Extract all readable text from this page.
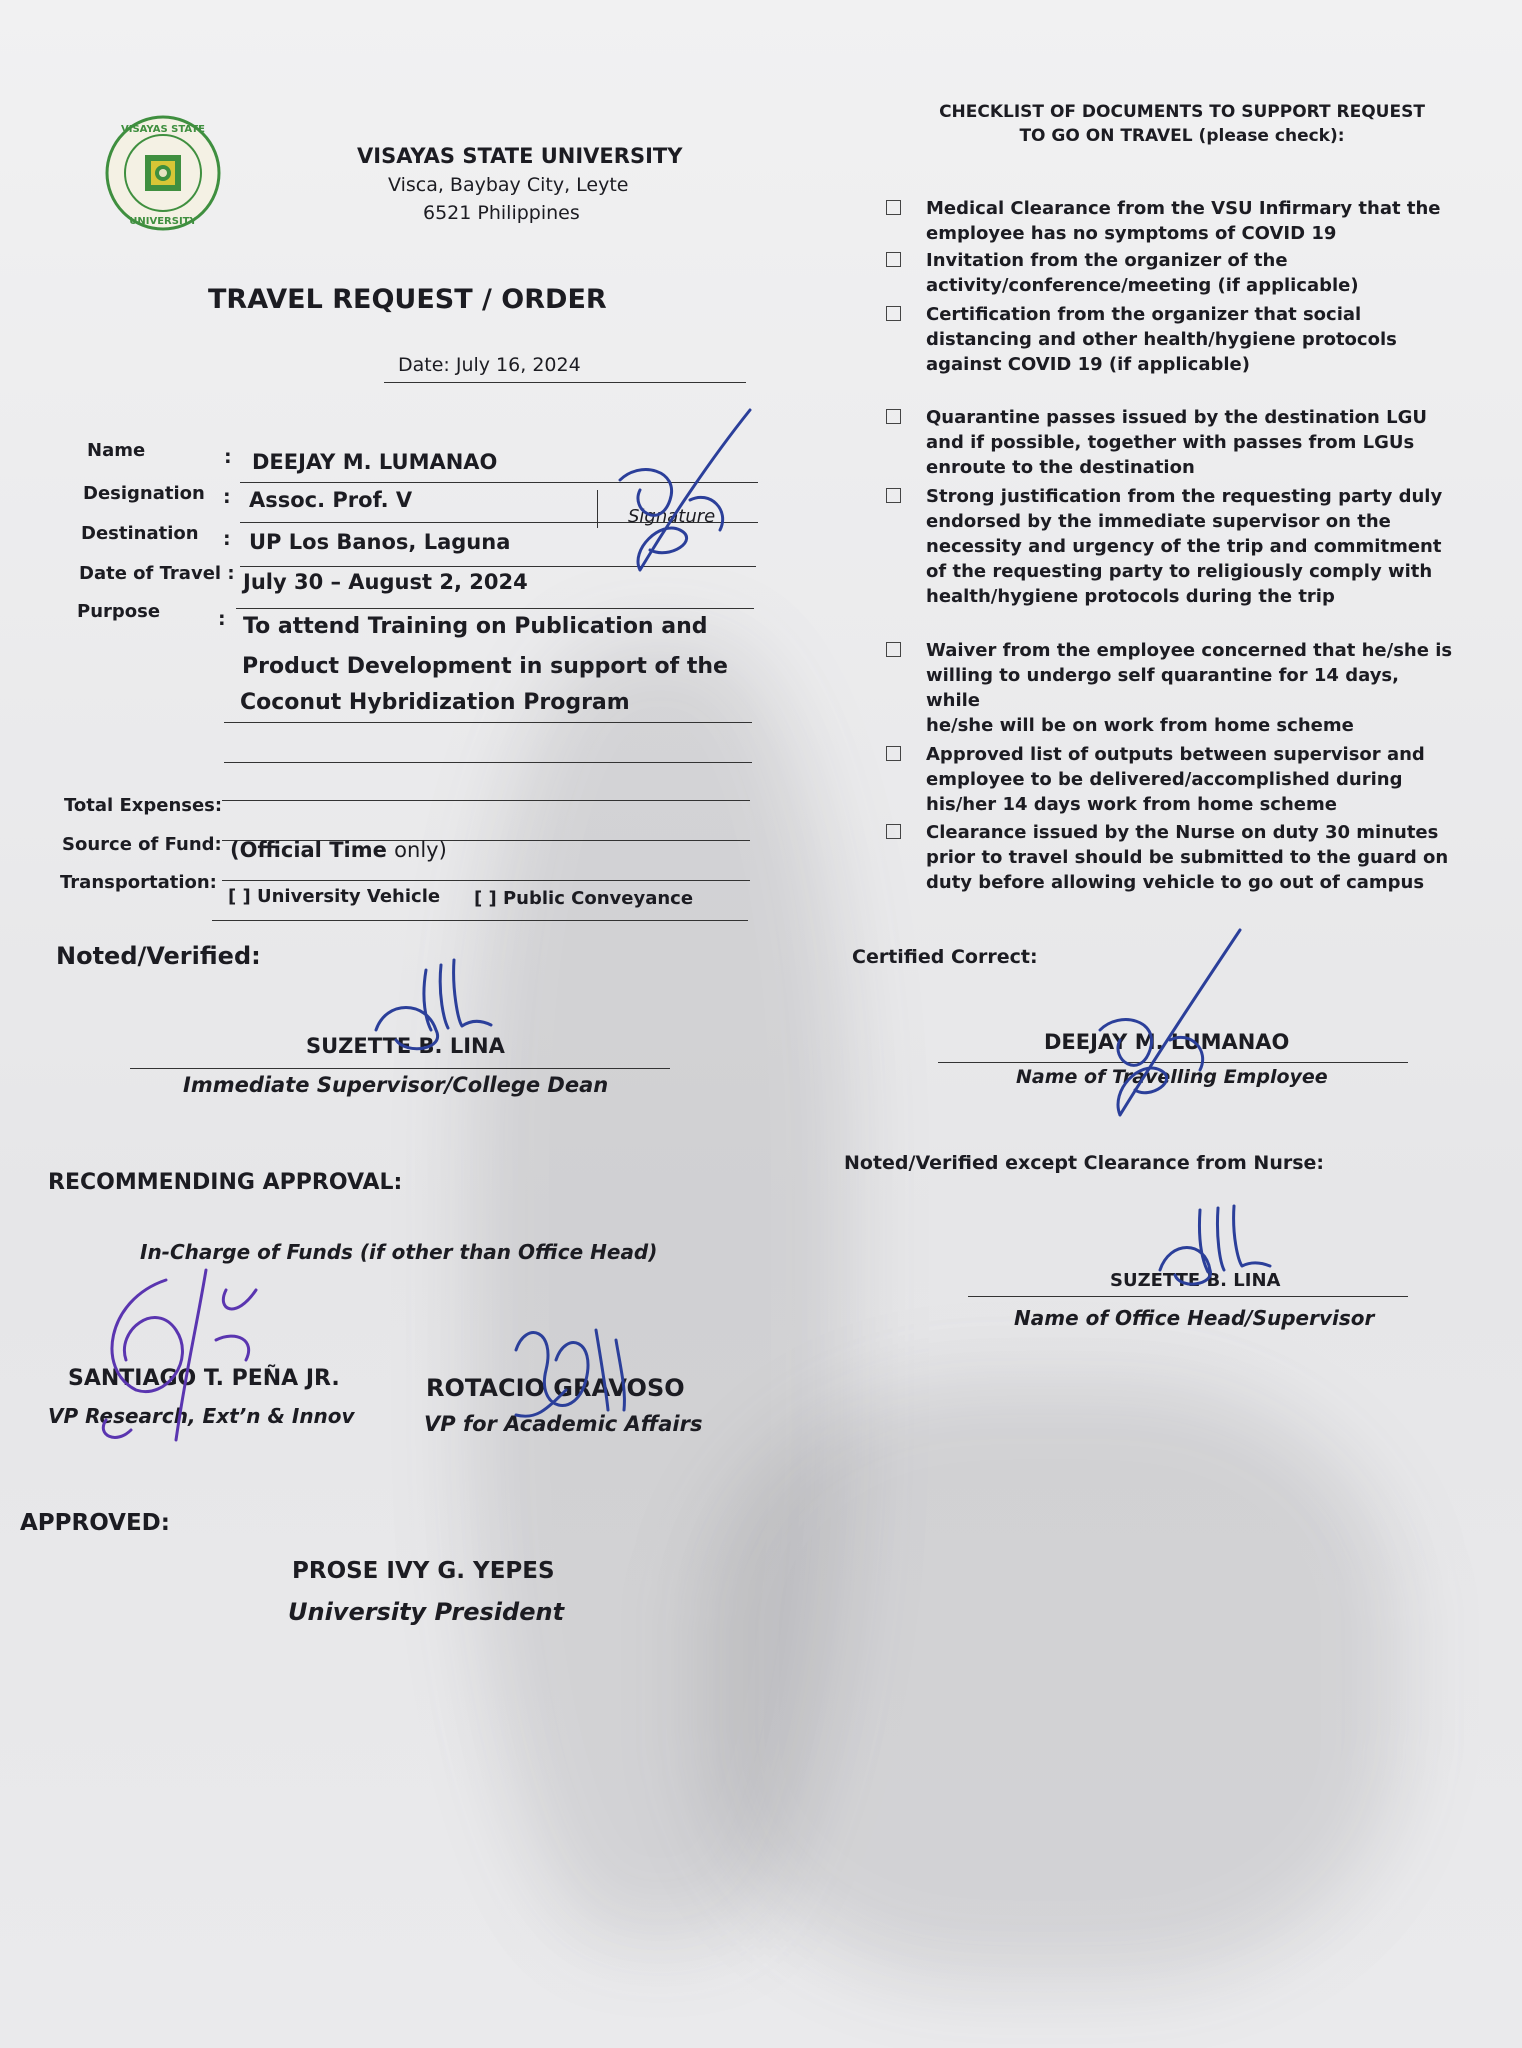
VISAYAS STATE
UNIVERSITY
VISAYAS STATE UNIVERSITY
Visca, Baybay City, Leyte
6521 Philippines
TRAVEL REQUEST / ORDER
Date: July 16, 2024
Name	: DEEJAY M. LUMANAO
Designation : Assoc. Prof. V
Signature
Destination : UP Los Banos, Laguna
Date of Travel : July 30 – August 2, 2024
Purpose	: To attend Training on Publication and
Product Development in support of the
Coconut Hybridization Program
Total Expenses:
Source of Fund: (Official Time only)
Transportation:
[ ] University Vehicle [ ] Public Conveyance
CHECKLIST OF DOCUMENTS TO SUPPORT REQUEST
TO GO ON TRAVEL (please check):
Medical Clearance from the VSU Infirmary that the
employee has no symptoms of COVID 19
Invitation from the organizer of the
activity/conference/meeting (if applicable)
Certification from the organizer that social
distancing and other health/hygiene protocols
against COVID 19 (if applicable)
Quarantine passes issued by the destination LGU
and if possible, together with passes from LGUs
enroute to the destination
Strong justification from the requesting party duly
endorsed by the immediate supervisor on the
necessity and urgency of the trip and commitment
of the requesting party to religiously comply with
health/hygiene protocols during the trip
Waiver from the employee concerned that he/she is
willing to undergo self quarantine for 14 days, while
he/she will be on work from home scheme
Approved list of outputs between supervisor and
employee to be delivered/accomplished during
his/her 14 days work from home scheme
Clearance issued by the Nurse on duty 30 minutes
prior to travel should be submitted to the guard on
duty before allowing vehicle to go out of campus
Noted/Verified:
SUZETTE B. LINA
Immediate Supervisor/College Dean
Certified Correct:
DEEJAY M. LUMANAO
Name of Travelling Employee
RECOMMENDING APPROVAL:
In-Charge of Funds (if other than Office Head)
SANTIAGO T. PEÑA JR.
VP Research, Ext’n & Innov
ROTACIO GRAVOSO
VP for Academic Affairs
Noted/Verified except Clearance from Nurse:
SUZETTE B. LINA
Name of Office Head/Supervisor
APPROVED:
PROSE IVY G. YEPES
University President
